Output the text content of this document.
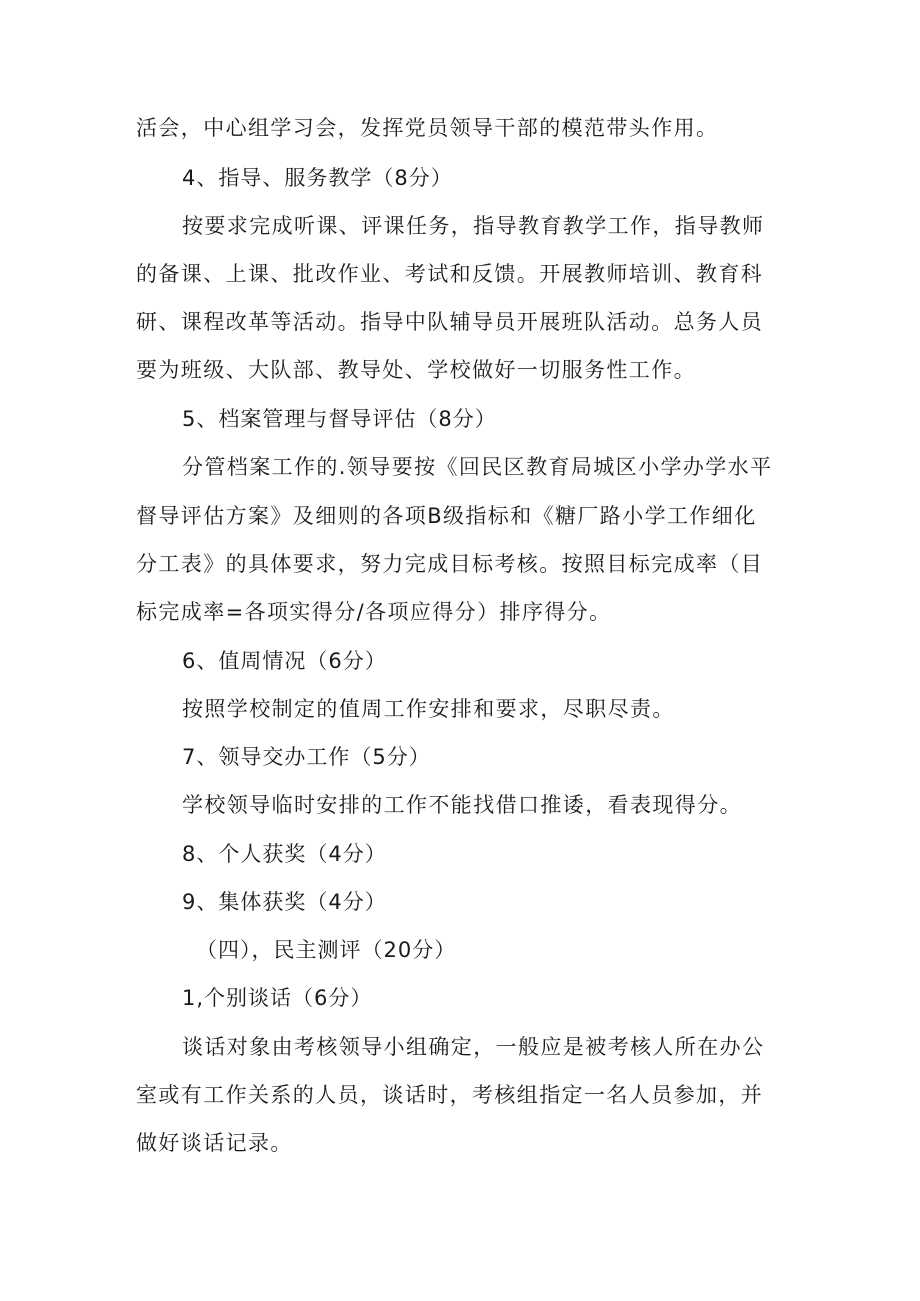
活会，中心组学习会，发挥党员领导干部的模范带头作用。
4、指导、服务教学（8分）
按要求完成听课、评课任务，指导教育教学工作，指导教师
的备课、上课、批改作业、考试和反馈。开展教师培训、教育科
研、课程改革等活动。指导中队辅导员开展班队活动。总务人员
要为班级、大队部、教导处、学校做好一切服务性工作。
5、档案管理与督导评估（8分）
分管档案工作的.领导要按《回民区教育局城区小学办学水平
督导评估方案》及细则的各项B级指标和《糖厂路小学工作细化
分工表》的具体要求，努力完成目标考核。按照目标完成率（目
标完成率=各项实得分/各项应得分）排序得分。
6、值周情况（6分）
按照学校制定的值周工作安排和要求，尽职尽责。
7、领导交办工作（5分）
学校领导临时安排的工作不能找借口推诿，看表现得分。
8、个人获奖（4分）
9、集体获奖（4分）
（四），民主测评（20分）
1,个别谈话（6分）
谈话对象由考核领导小组确定，一般应是被考核人所在办公
室或有工作关系的人员，谈话时，考核组指定一名人员参加，并
做好谈话记录。
